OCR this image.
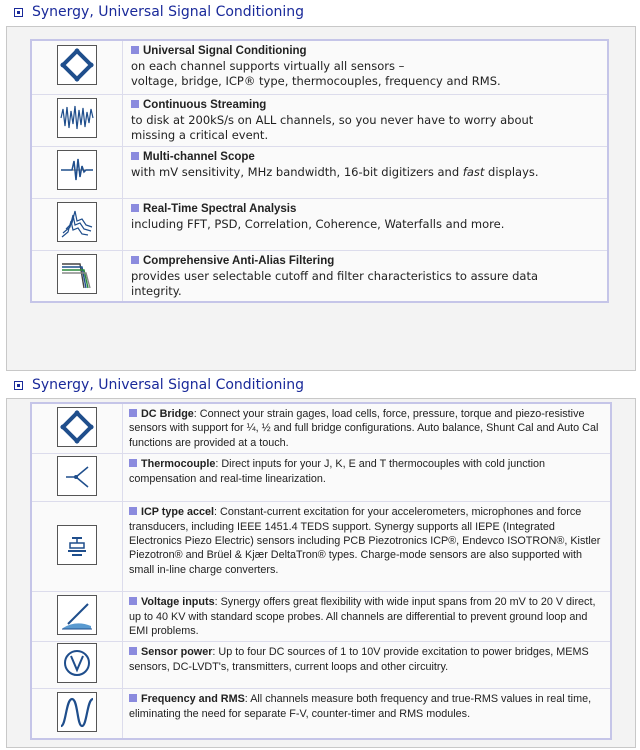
Synergy, Universal Signal Conditioning
	Universal Signal Conditioning
on each channel supports virtually all sensors –
voltage, bridge, ICP® type, thermocouples, frequency and RMS.

	Continuous Streaming
to disk at 200kS/s on ALL channels, so you never have to worry about
missing a critical event.

	Multi-channel Scope
with mV sensitivity, MHz bandwidth, 16-bit digitizers and fast displays.

	Real-Time Spectral Analysis
including FFT, PSD, Correlation, Coherence, Waterfalls and more.

	Comprehensive Anti-Alias Filtering
provides user selectable cutoff and filter characteristics to assure data
integrity.
Synergy, Universal Signal Conditioning
	DC Bridge: Connect your strain gages, load cells, force, pressure, torque and piezo-resistive sensors with support for ¼, ½ and full bridge configurations. Auto balance, Shunt Cal and Auto Cal functions are provided at a touch.

	Thermocouple: Direct inputs for your J, K, E and T thermocouples with cold junction compensation and real-time linearization.

	ICP type accel: Constant-current excitation for your accelerometers, microphones and force transducers, including IEEE 1451.4 TEDS support. Synergy supports all IEPE (Integrated Electronics Piezo Electric) sensors including PCB Piezotronics ICP®, Endevco ISOTRON®, Kistler Piezotron® and Brüel & Kjær DeltaTron® types. Charge-mode sensors are also supported with small in-line charge converters.

	Voltage inputs: Synergy offers great flexibility with wide input spans from 20 mV to 20 V direct, up to 40 KV with standard scope probes. All channels are differential to prevent ground loop and EMI problems.

	Sensor power: Up to four DC sources of 1 to 10V provide excitation to power bridges, MEMS sensors, DC-LVDT's, transmitters, current loops and other circuitry.

	Frequency and RMS: All channels measure both frequency and true-RMS values in real time, eliminating the need for separate F-V, counter-timer and RMS modules.
